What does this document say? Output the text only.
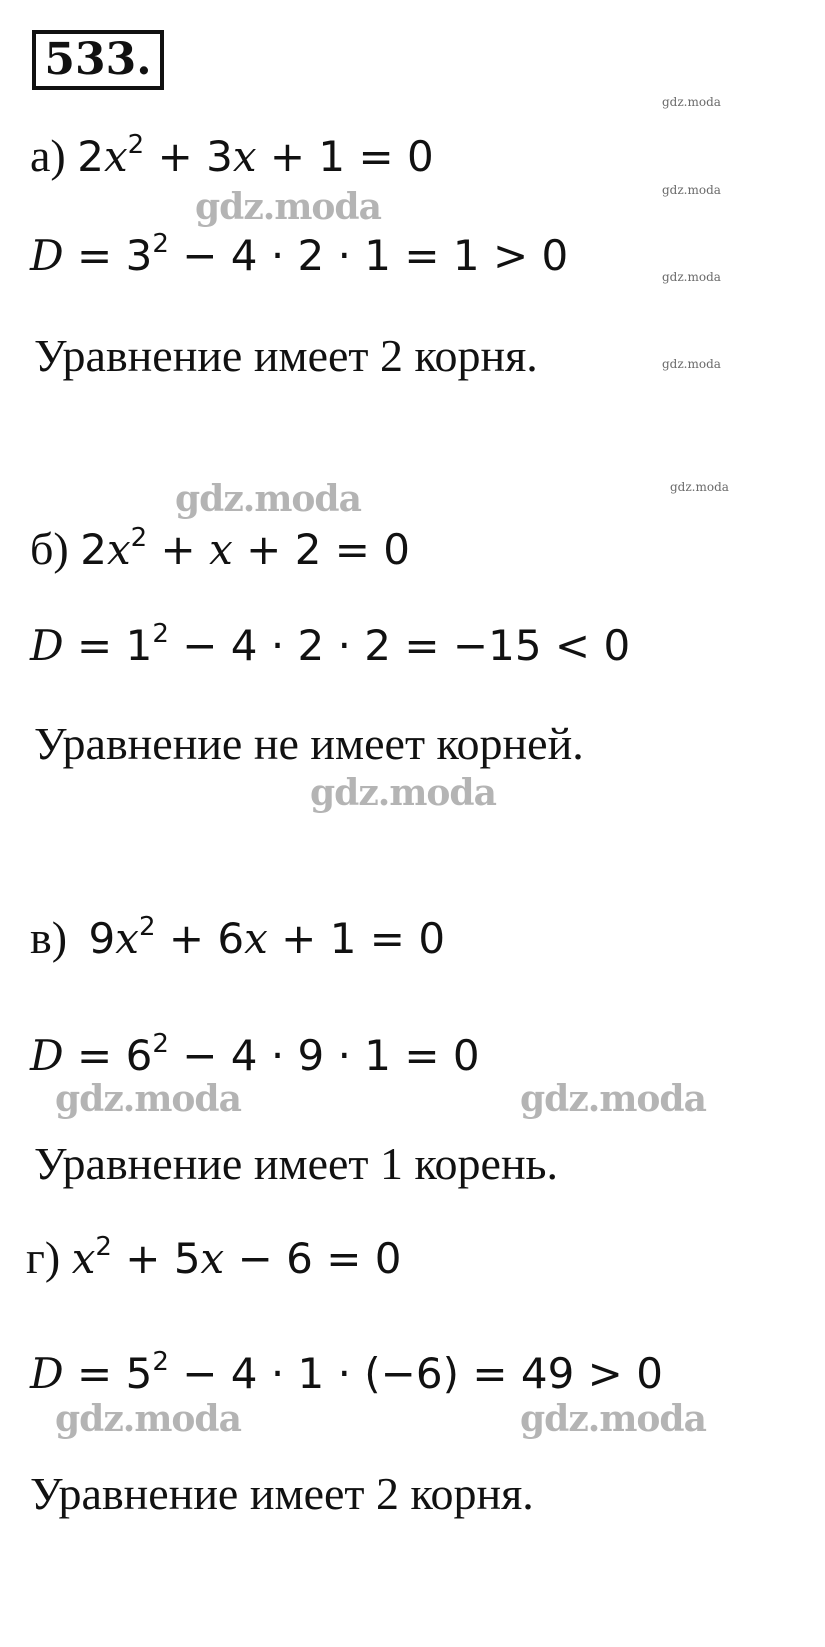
533.
а) $2x^2 + 3x + 1 = 0$
$D = 3^2 - 4 \cdot 2 \cdot 1 = 1 > 0$
Уравнение имеет 2 корня.
б) $2x^2 + x + 2 = 0$
$D = 1^2 - 4 \cdot 2 \cdot 2 = -15 < 0$
Уравнение не имеет корней.
в) $9x^2 + 6x + 1 = 0$
$D = 6^2 - 4 \cdot 9 \cdot 1 = 0$
Уравнение имеет 1 корень.
г) $x^2 + 5x - 6 = 0$
$D = 5^2 - 4 \cdot 1 \cdot (-6) = 49 > 0$
Уравнение имеет 2 корня.
gdz.moda
gdz.moda
gdz.moda
gdz.moda	gdz.moda
gdz.moda	gdz.moda
gdz.moda
gdz.moda
gdz.moda
gdz.moda
gdz.moda
